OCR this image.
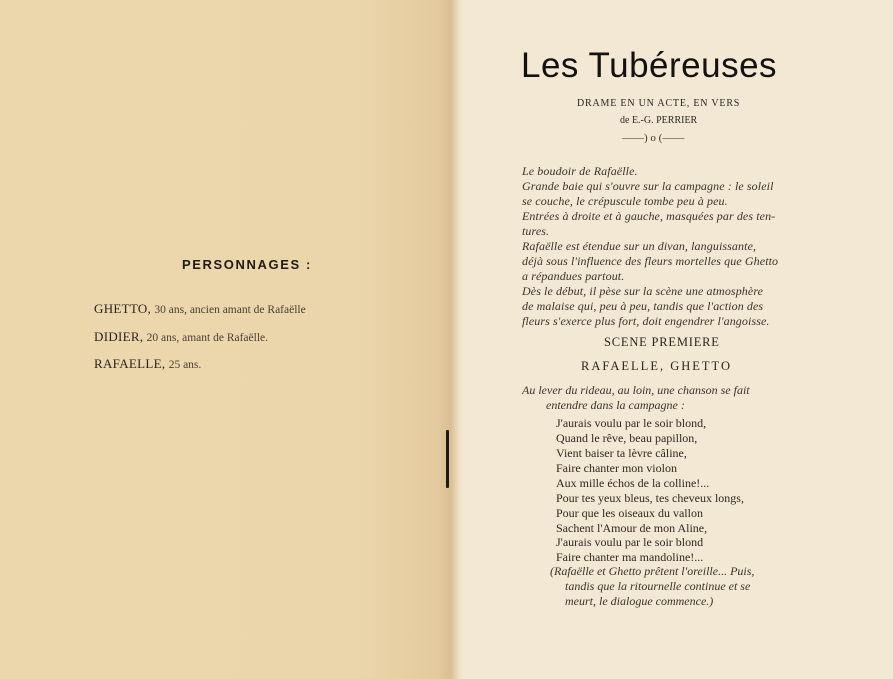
PERSONNAGES :
GHETTO, 30 ans, ancien amant de Rafaëlle
DIDIER, 20 ans, amant de Rafaëlle.
RAFAELLE, 25 ans.
Les Tubéreuses
DRAME EN UN ACTE, EN VERS
de E.-G. PERRIER
——) o (——
Le boudoir de Rafaëlle.
Grande baie qui s'ouvre sur la campagne : le soleil
se couche, le crépuscule tombe peu à peu.
Entrées à droite et à gauche, masquées par des ten-
tures.
Rafaëlle est étendue sur un divan, languissante,
déjà sous l'influence des fleurs mortelles que Ghetto
a répandues partout.
Dès le début, il pèse sur la scène une atmosphère
de malaise qui, peu à peu, tandis que l'action des
fleurs s'exerce plus fort, doit engendrer l'angoisse.
SCENE PREMIERE
RAFAELLE, GHETTO
Au lever du rideau, au loin, une chanson se fait
entendre dans la campagne :
J'aurais voulu par le soir blond,
Quand le rêve, beau papillon,
Vient baiser ta lèvre câline,
Faire chanter mon violon
Aux mille échos de la colline!...
Pour tes yeux bleus, tes cheveux longs,
Pour que les oiseaux du vallon
Sachent l'Amour de mon Aline,
J'aurais voulu par le soir blond
Faire chanter ma mandoline!...
(Rafaëlle et Ghetto prêtent l'oreille... Puis,
tandis que la ritournelle continue et se
meurt, le dialogue commence.)
